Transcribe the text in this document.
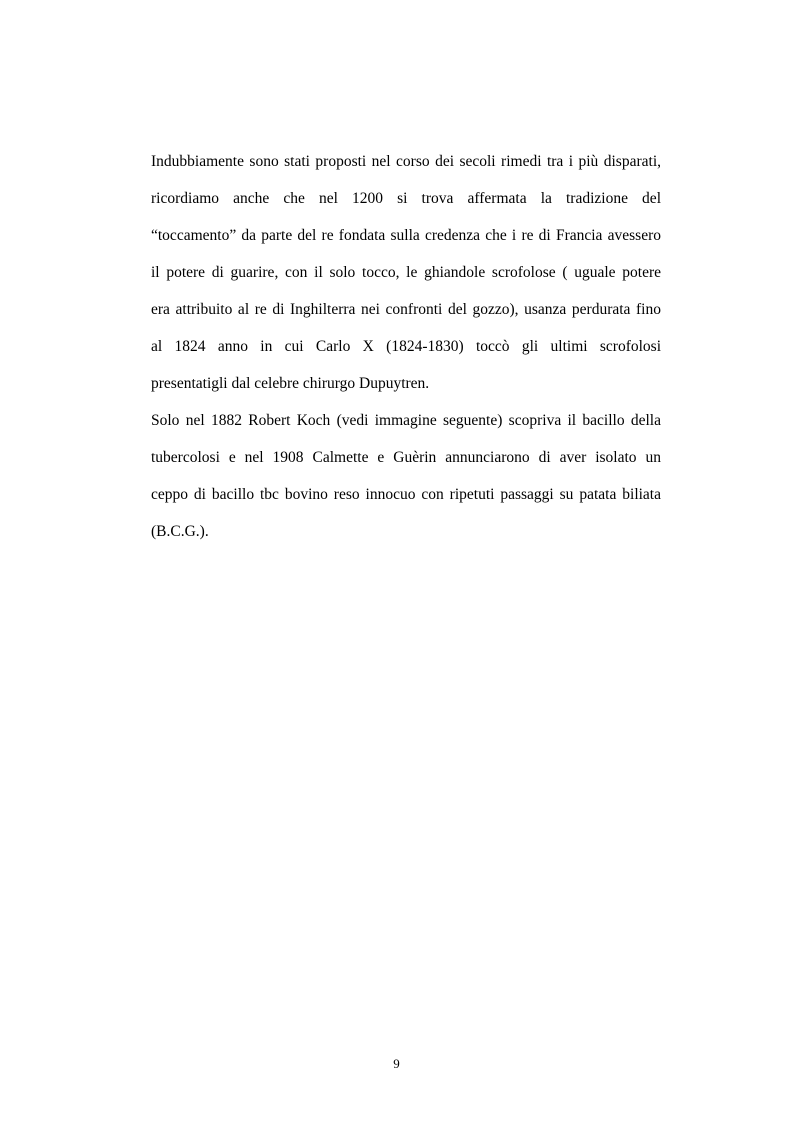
Indubbiamente sono stati proposti nel corso dei secoli rimedi tra i più disparati,
ricordiamo anche che nel 1200 si trova affermata la tradizione del
“toccamento” da parte del re fondata sulla credenza che i re di Francia avessero
il potere di guarire, con il solo tocco, le ghiandole scrofolose ( uguale potere
era attribuito al re di Inghilterra nei confronti del gozzo), usanza perdurata fino
al 1824 anno in cui Carlo X (1824-1830) toccò gli ultimi scrofolosi
presentatigli dal celebre chirurgo Dupuytren.
Solo nel 1882 Robert Koch (vedi immagine seguente) scopriva il bacillo della
tubercolosi e nel 1908 Calmette e Guèrin annunciarono di aver isolato un
ceppo di bacillo tbc bovino reso innocuo con ripetuti passaggi su patata biliata
(B.C.G.).
9
